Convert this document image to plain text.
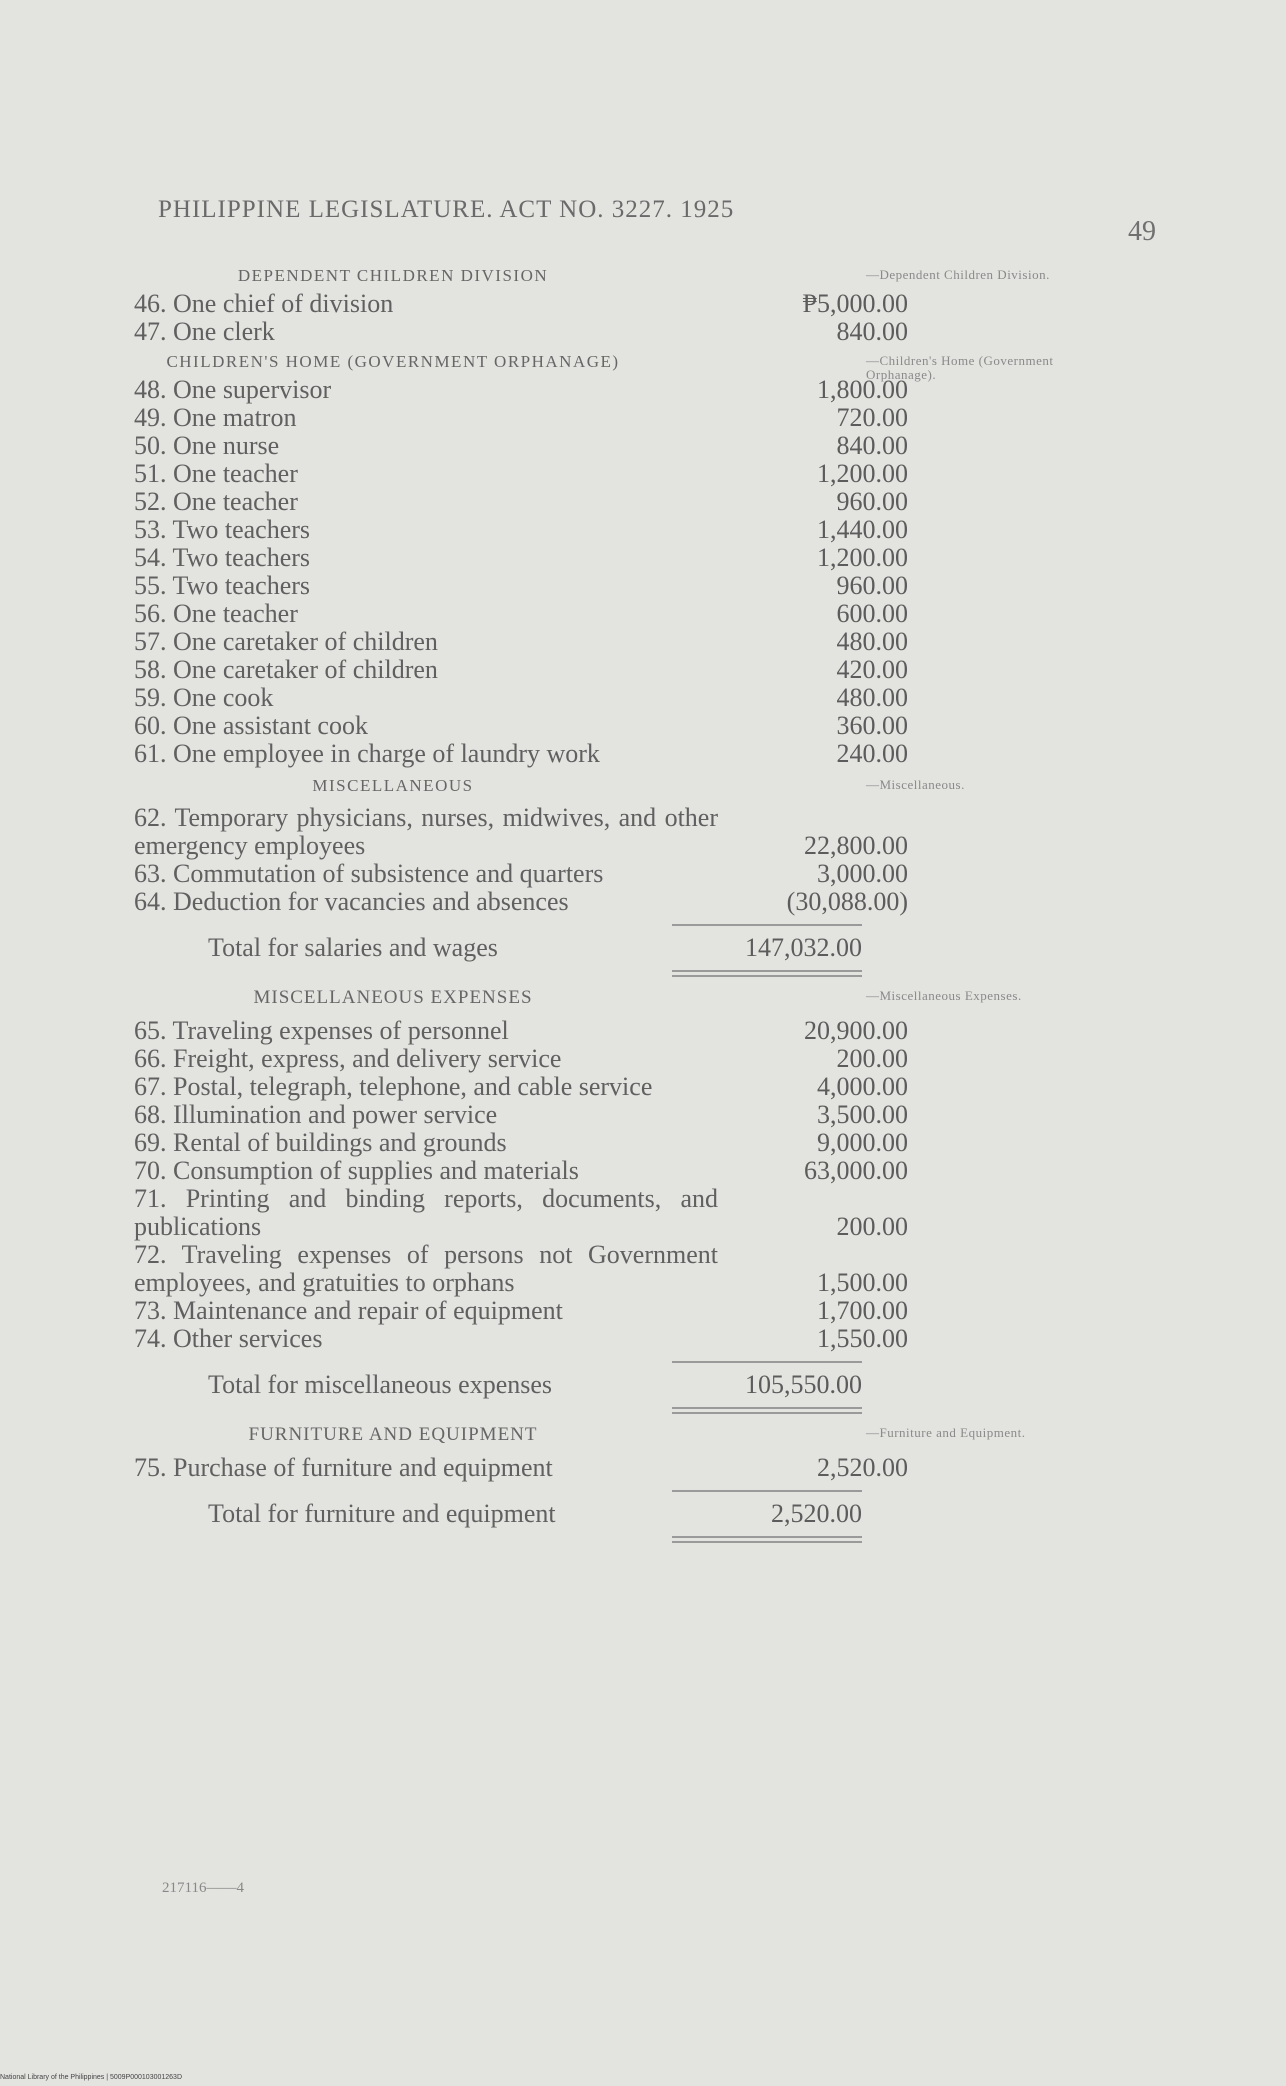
PHILIPPINE LEGISLATURE. ACT NO. 3227. 1925
49
DEPENDENT CHILDREN DIVISION	—Dependent Children Division.
46. One chief of division	₱5,000.00
47. One clerk	840.00
CHILDREN'S HOME (GOVERNMENT ORPHANAGE)	—Children's Home (Government Orphanage).
48. One supervisor	1,800.00
49. One matron	720.00
50. One nurse	840.00
51. One teacher	1,200.00
52. One teacher	960.00
53. Two teachers	1,440.00
54. Two teachers	1,200.00
55. Two teachers	960.00
56. One teacher	600.00
57. One caretaker of children	480.00
58. One caretaker of children	420.00
59. One cook	480.00
60. One assistant cook	360.00
61. One employee in charge of laundry work	240.00
MISCELLANEOUS	—Miscellaneous.
62. Temporary physicians, nurses, midwives, and other emergency employees	22,800.00
63. Commutation of subsistence and quarters	3,000.00
64. Deduction for vacancies and absences	(30,088.00)
Total for salaries and wages	147,032.00
MISCELLANEOUS EXPENSES	—Miscellaneous Expenses.
65. Traveling expenses of personnel	20,900.00
66. Freight, express, and delivery service	200.00
67. Postal, telegraph, telephone, and cable service	4,000.00
68. Illumination and power service	3,500.00
69. Rental of buildings and grounds	9,000.00
70. Consumption of supplies and materials	63,000.00
71. Printing and binding reports, documents, and publications	200.00
72. Traveling expenses of persons not Government employees, and gratuities to orphans	1,500.00
73. Maintenance and repair of equipment	1,700.00
74. Other services	1,550.00
Total for miscellaneous expenses	105,550.00
FURNITURE AND EQUIPMENT	—Furniture and Equipment.
75. Purchase of furniture and equipment	2,520.00
Total for furniture and equipment	2,520.00
217116——4
National Library of the Philippines | 5009P000103001263D
